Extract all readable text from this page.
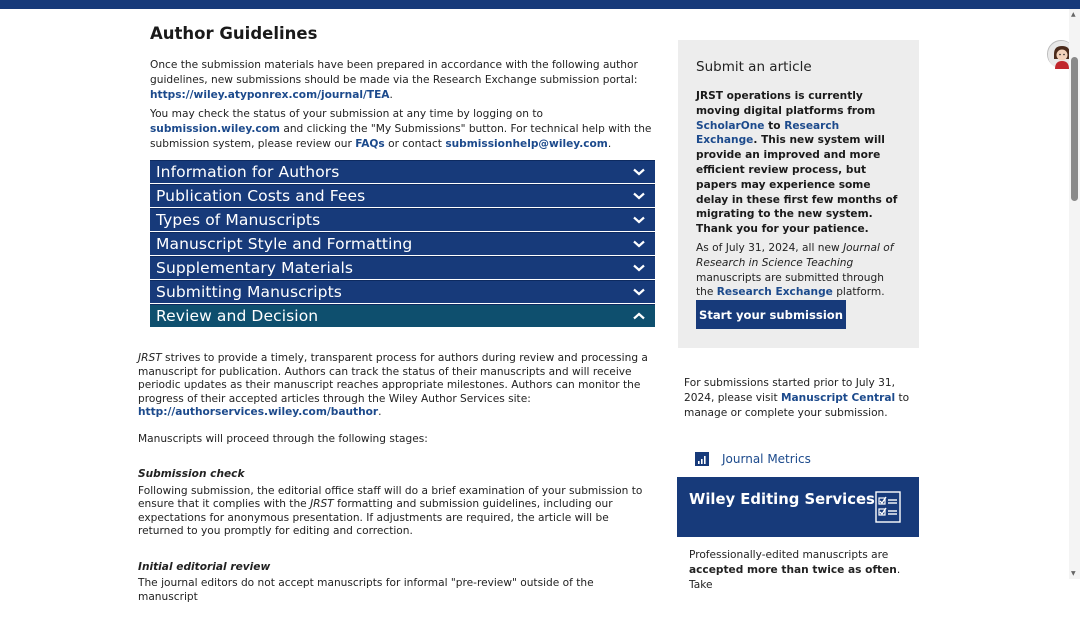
Author Guidelines

Once the submission materials have been prepared in accordance with the following author guidelines, new submissions should be made via the Research Exchange submission portal: https://wiley.atyponrex.com/journal/TEA.

You may check the status of your submission at any time by logging on to submission.wiley.com and clicking the "My Submissions" button. For technical help with the submission system, please review our FAQs or contact submissionhelp@wiley.com.

Information for Authors
Publication Costs and Fees
Types of Manuscripts
Manuscript Style and Formatting
Supplementary Materials
Submitting Manuscripts
Review and Decision

JRST strives to provide a timely, transparent process for authors during review and processing a manuscript for publication. Authors can track the status of their manuscripts and will receive periodic updates as their manuscript reaches appropriate milestones. Authors can monitor the progress of their accepted articles through the Wiley Author Services site: http://authorservices.wiley.com/bauthor.

Manuscripts will proceed through the following stages:

Submission check

Following submission, the editorial office staff will do a brief examination of your submission to ensure that it complies with the JRST formatting and submission guidelines, including our expectations for anonymous presentation. If adjustments are required, the article will be returned to you promptly for editing and correction.

Initial editorial review

The journal editors do not accept manuscripts for informal "pre-review" outside of the manuscript

Submit an article
JRST operations is currently moving digital platforms from ScholarOne to Research Exchange. This new system will provide an improved and more efficient review process, but papers may experience some delay in these first few months of migrating to the new system. Thank you for your patience.
As of July 31, 2024, all new Journal of Research in Science Teaching manuscripts are submitted through the Research Exchange platform.
Start your submission
For submissions started prior to July 31, 2024, please visit Manuscript Central to manage or complete your submission.
Journal Metrics
Wiley Editing Services
Professionally-edited manuscripts are accepted more than twice as often. Take
▲
▼
